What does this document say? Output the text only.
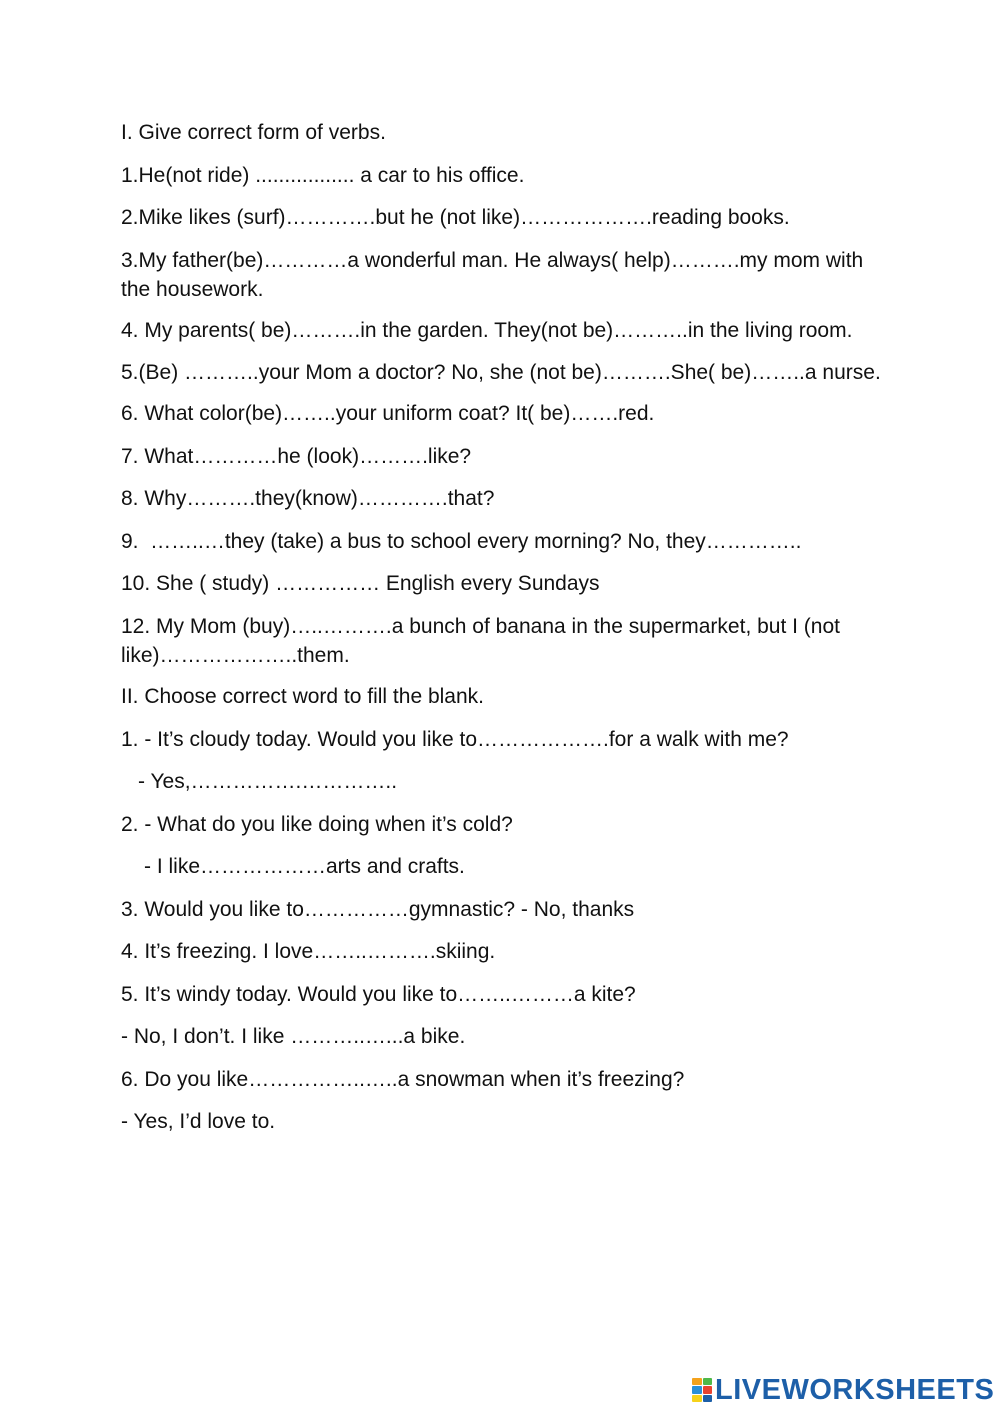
I. Give correct form of verbs.
1.He(not ride) ................. a car to his office.
2.Mike likes (surf)………….but he (not like)……………….reading books.
3.My father(be)…………a wonderful man. He always( help)……….my mom with the housework.
4. My parents( be)……….in the garden. They(not be)………..in the living room.
5.(Be) ………..your Mom a doctor? No, she (not be)……….She( be)……..a nurse.
6. What color(be)……..your uniform coat? It( be)…….red.
7. What…………he (look)……….like?
8. Why……….they(know)………….that?
9.  ……..…they (take) a bus to school every morning? No, they…………..
10. She ( study) …………… English every Sundays
12. My Mom (buy)…..……….a bunch of banana in the supermarket, but I (not like)………………..them.
II. Choose correct word to fill the blank.
1. - It’s cloudy today. Would you like to……………….for a walk with me?
- Yes,…………….…………..
2. - What do you like doing when it’s cold?
- I like………………arts and crafts.
3. Would you like to……………gymnastic? - No, thanks
4. It’s freezing. I love……..……….skiing.
5. It’s windy today. Would you like to……..………a kite?
- No, I don’t. I like ………..…...a bike.
6. Do you like……………..…..a snowman when it’s freezing?
- Yes, I’d love to.
LIVEWORKSHEETS
